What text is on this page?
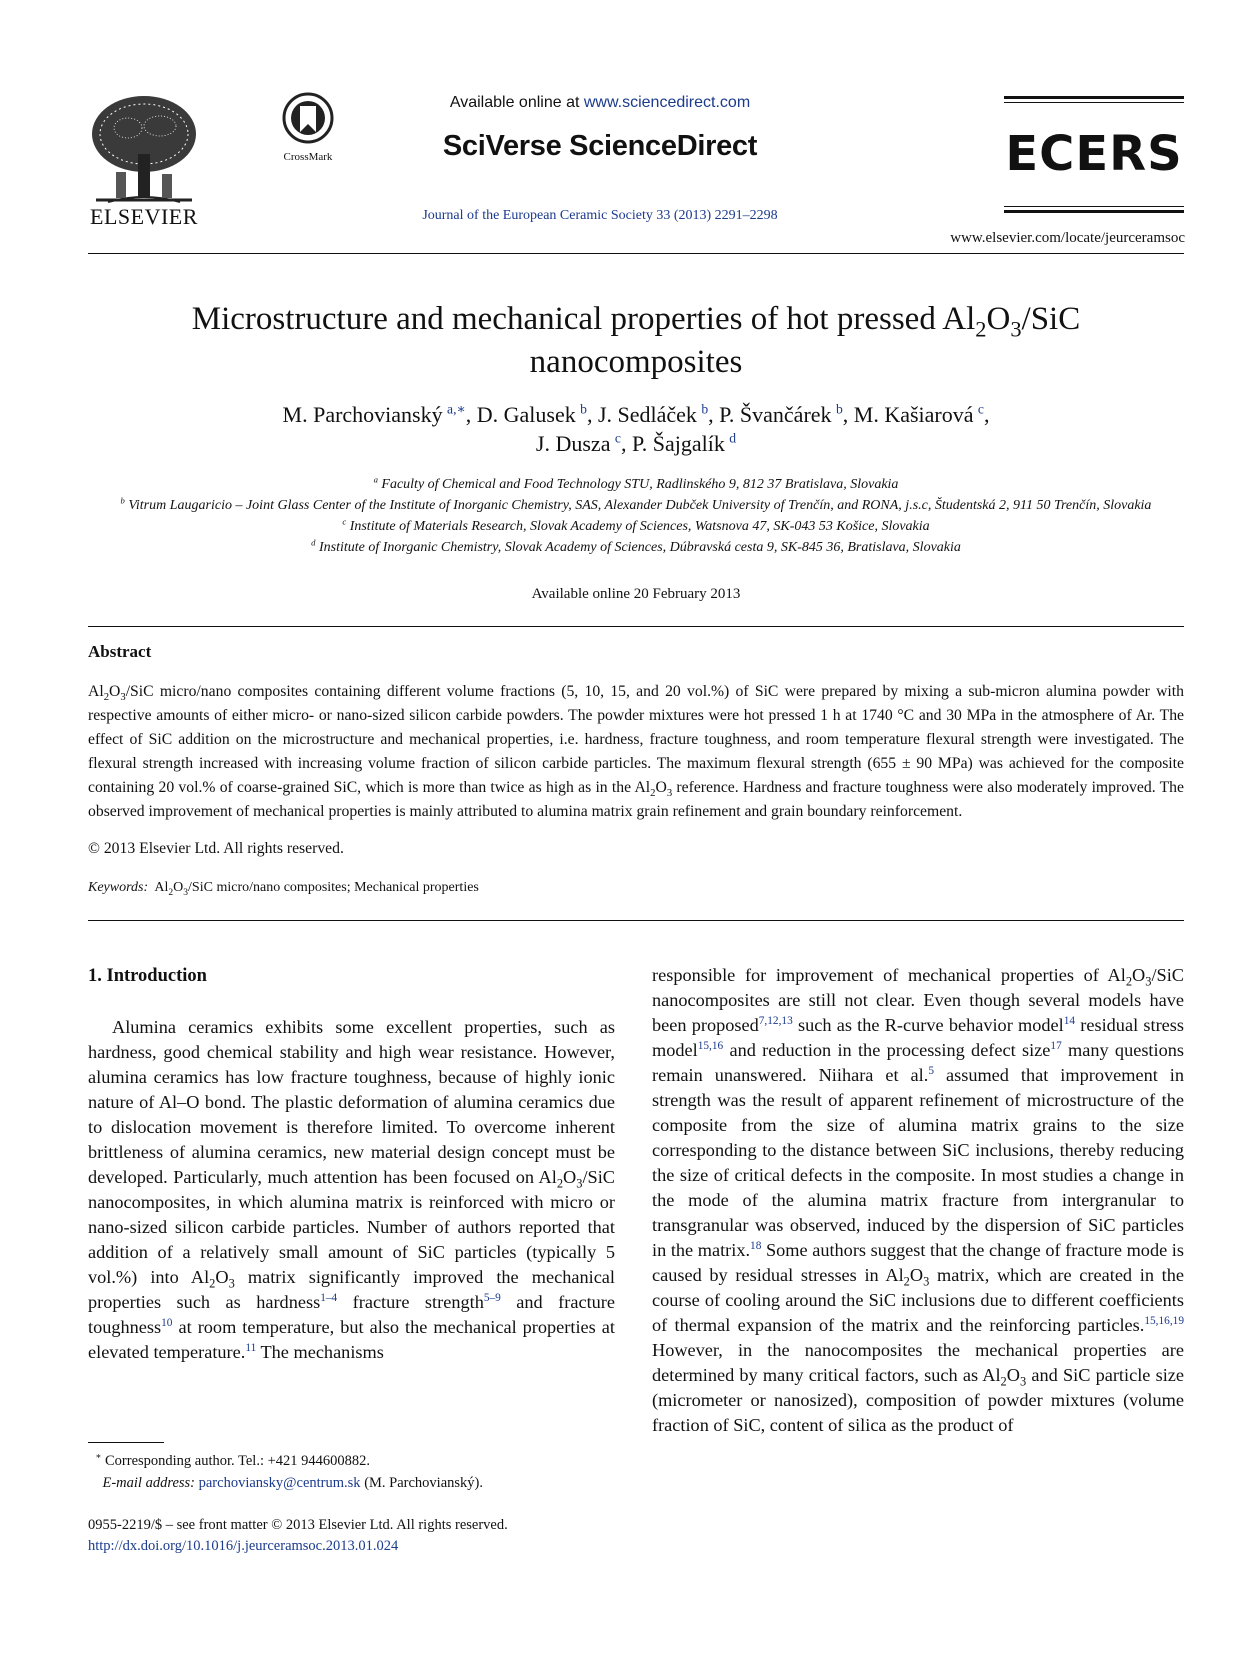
ELSEVIER
CrossMark
Available online at www.sciencedirect.com
SciVerse ScienceDirect
Journal of the European Ceramic Society 33 (2013) 2291–2298
ECERS
www.elsevier.com/locate/jeurceramsoc
Microstructure and mechanical properties of hot pressed $Al_2O_3$/SiC
nanocomposites
M. Parchovianský  $^{a,∗}$, D. Galusek  $^b$, J. Sedláček  $^b$, P. Švančárek  $^b$, M. Kašiarová  $^c$,
J. Dusza  $^c$, P. Šajgalík  $^d$
$^a$ Faculty of Chemical and Food Technology STU, Radlinského 9, 812 37 Bratislava, Slovakia
$^b$ Vitrum Laugaricio – Joint Glass Center of the Institute of Inorganic Chemistry, SAS, Alexander Dubček University of Trenčín, and RONA, j.s.c, Študentská 2, 911 50 Trenčín, Slovakia
$^c$ Institute of Materials Research, Slovak Academy of Sciences, Watsnova 47, SK-043 53 Košice, Slovakia
$^d$ Institute of Inorganic Chemistry, Slovak Academy of Sciences, Dúbravská cesta 9, SK-845 36, Bratislava, Slovakia
Available online 20 February 2013
Abstract
$Al_2O_3$/SiC micro/nano composites containing different volume fractions (5, 10, 15, and 20 vol.%) of SiC were prepared by mixing a sub-micron alumina powder with respective amounts of either micro- or nano-sized silicon carbide powders. The powder mixtures were hot pressed 1 h at 1740 °C and 30 MPa in the atmosphere of Ar. The effect of SiC addition on the microstructure and mechanical properties, i.e. hardness, fracture toughness, and room temperature flexural strength were investigated. The flexural strength increased with increasing volume fraction of silicon carbide particles. The maximum flexural strength (655 ± 90 MPa) was achieved for the composite containing 20 vol.% of coarse-grained SiC, which is more than twice as high as in the $Al_2O_3$ reference. Hardness and fracture toughness were also moderately improved. The observed improvement of mechanical properties is mainly attributed to alumina matrix grain refinement and grain boundary reinforcement.
© 2013 Elsevier Ltd. All rights reserved.
Keywords: $Al_2O_3$/SiC micro/nano composites; Mechanical properties
1. Introduction

Alumina ceramics exhibits some excellent properties, such as hardness, good chemical stability and high wear resistance. However, alumina ceramics has low fracture toughness, because of highly ionic nature of Al–O bond. The plastic deformation of alumina ceramics due to dislocation movement is therefore limited. To overcome inherent brittleness of alumina ceramics, new material design concept must be developed. Particularly, much attention has been focused on $Al_2O_3$/SiC nanocomposites, in which alumina matrix is reinforced with micro or nano-sized silicon carbide particles. Number of authors reported that addition of a relatively small amount of SiC particles (typically 5 vol.%) into $Al_2O_3$ matrix significantly improved the mechanical properties such as hardness$^{1-4}$ fracture strength$^{5-9}$ and fracture toughness$^{10}$ at room temperature, but also the mechanical properties at elevated temperature.$^{11}$ The mechanisms

responsible for improvement of mechanical properties of $Al_2O_3$/SiC nanocomposites are still not clear. Even though several models have been proposed$^{7,12,13}$ such as the R-curve behavior model$^{14}$ residual stress model$^{15,16}$ and reduction in the processing defect size$^{17}$ many questions remain unanswered. Niihara et al.$^5$ assumed that improvement in strength was the result of apparent refinement of microstructure of the composite from the size of alumina matrix grains to the size corresponding to the distance between SiC inclusions, thereby reducing the size of critical defects in the composite. In most studies a change in the mode of the alumina matrix fracture from intergranular to transgranular was observed, induced by the dispersion of SiC particles in the matrix.$^{18}$ Some authors suggest that the change of fracture mode is caused by residual stresses in $Al_2O_3$ matrix, which are created in the course of cooling around the SiC inclusions due to different coefficients of thermal expansion of the matrix and the reinforcing particles.$^{15,16,19}$ However, in the nanocomposites the mechanical properties are determined by many critical factors, such as $Al_2O_3$ and SiC particle size (micrometer or nanosized), composition of powder mixtures (volume fraction of SiC, content of silica as the product of

∗ Corresponding author. Tel.: +421 944600882.
E-mail address: parchoviansky@centrum.sk (M. Parchovianský).
0955-2219/$ – see front matter © 2013 Elsevier Ltd. All rights reserved.
http://dx.doi.org/10.1016/j.jeurceramsoc.2013.01.024
